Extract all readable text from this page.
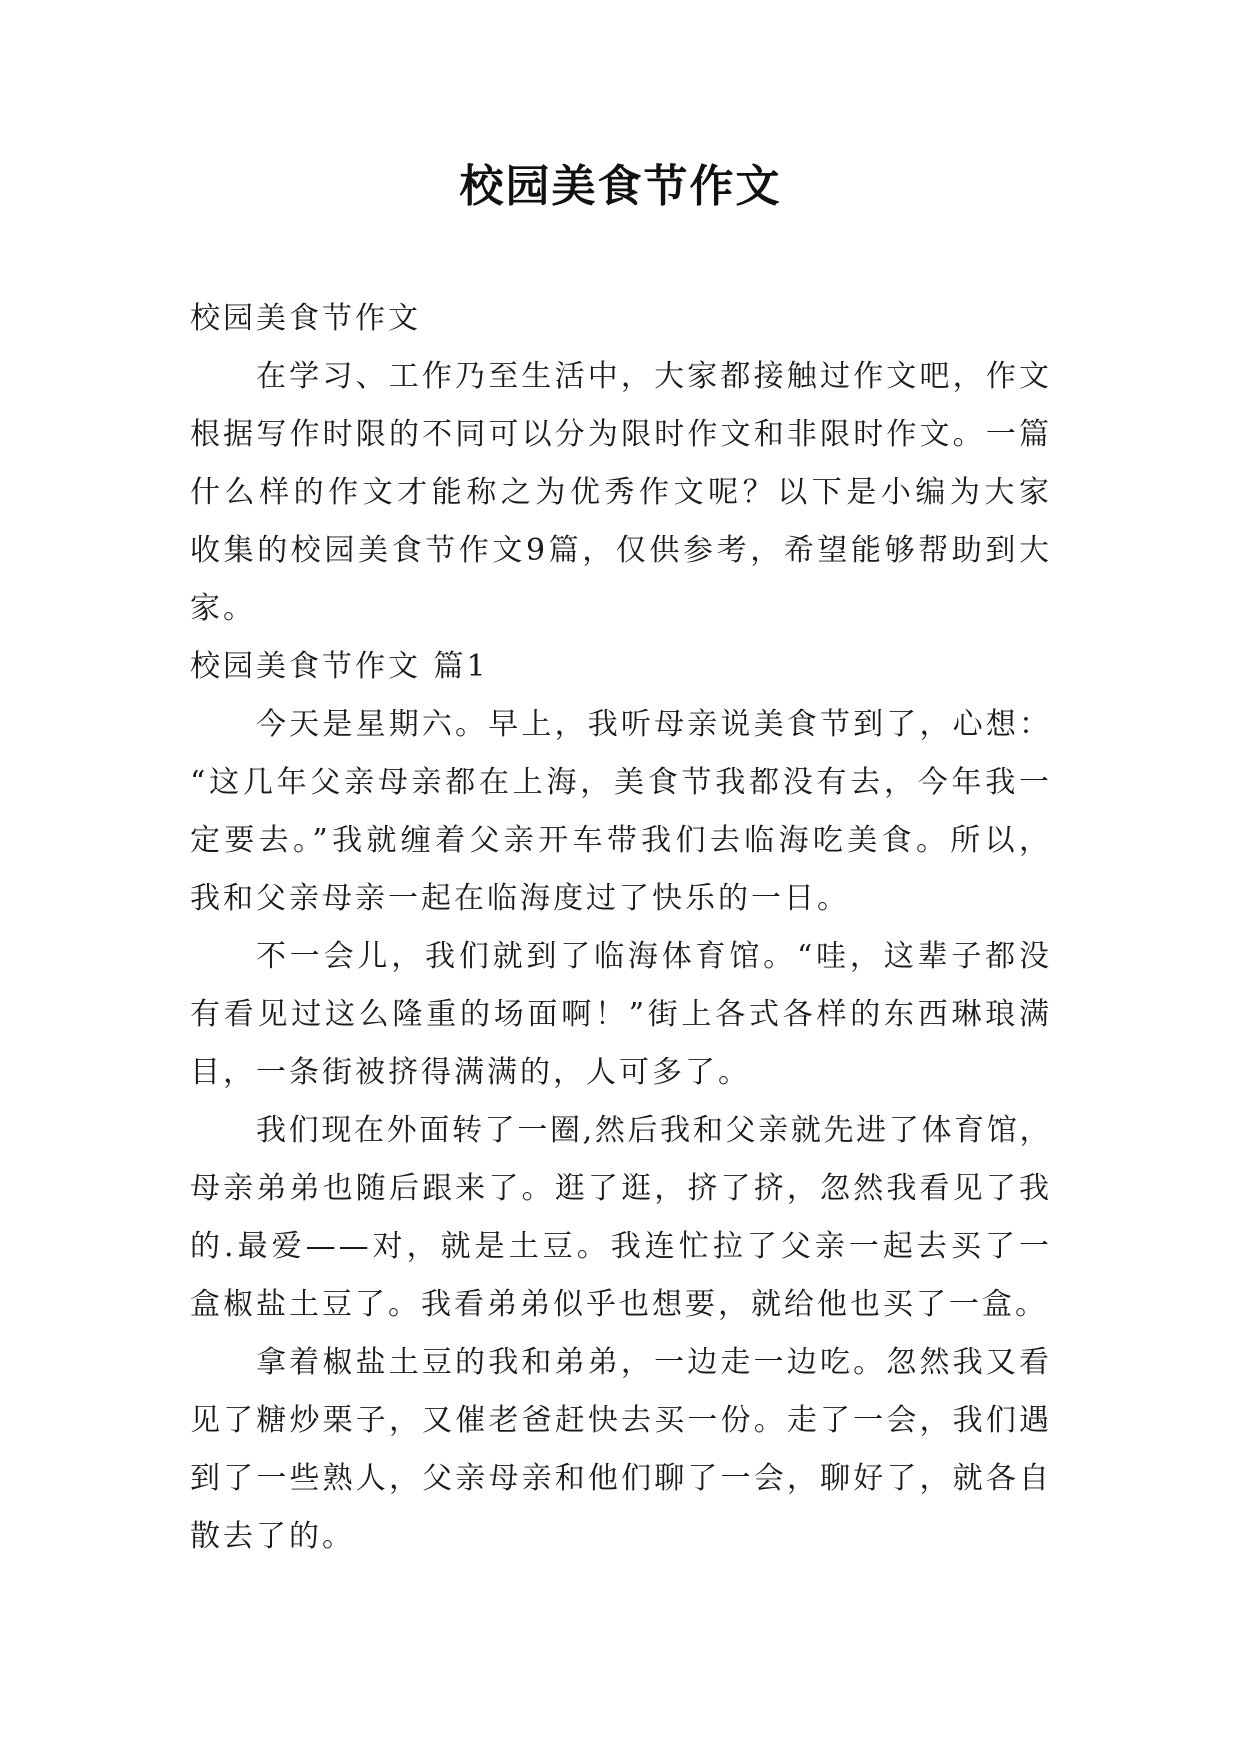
校园美食节作文
校园美食节作文
在学习、工作乃至生活中，大家都接触过作文吧，作文
根据写作时限的不同可以分为限时作文和非限时作文。一篇
什么样的作文才能称之为优秀作文呢？以下是小编为大家
收集的校园美食节作文9篇，仅供参考，希望能够帮助到大
家。
校园美食节作文 篇1
今天是星期六。早上，我听母亲说美食节到了，心想：
“这几年父亲母亲都在上海，美食节我都没有去，今年我一
定要去。”我就缠着父亲开车带我们去临海吃美食。所以，
我和父亲母亲一起在临海度过了快乐的一日。
不一会儿，我们就到了临海体育馆。“哇，这辈子都没
有看见过这么隆重的场面啊！”街上各式各样的东西琳琅满
目，一条街被挤得满满的，人可多了。
我们现在外面转了一圈,然后我和父亲就先进了体育馆，
母亲弟弟也随后跟来了。逛了逛，挤了挤，忽然我看见了我
的.最爱——对，就是土豆。我连忙拉了父亲一起去买了一
盒椒盐土豆了。我看弟弟似乎也想要，就给他也买了一盒。
拿着椒盐土豆的我和弟弟，一边走一边吃。忽然我又看
见了糖炒栗子，又催老爸赶快去买一份。走了一会，我们遇
到了一些熟人，父亲母亲和他们聊了一会，聊好了，就各自
散去了的。
